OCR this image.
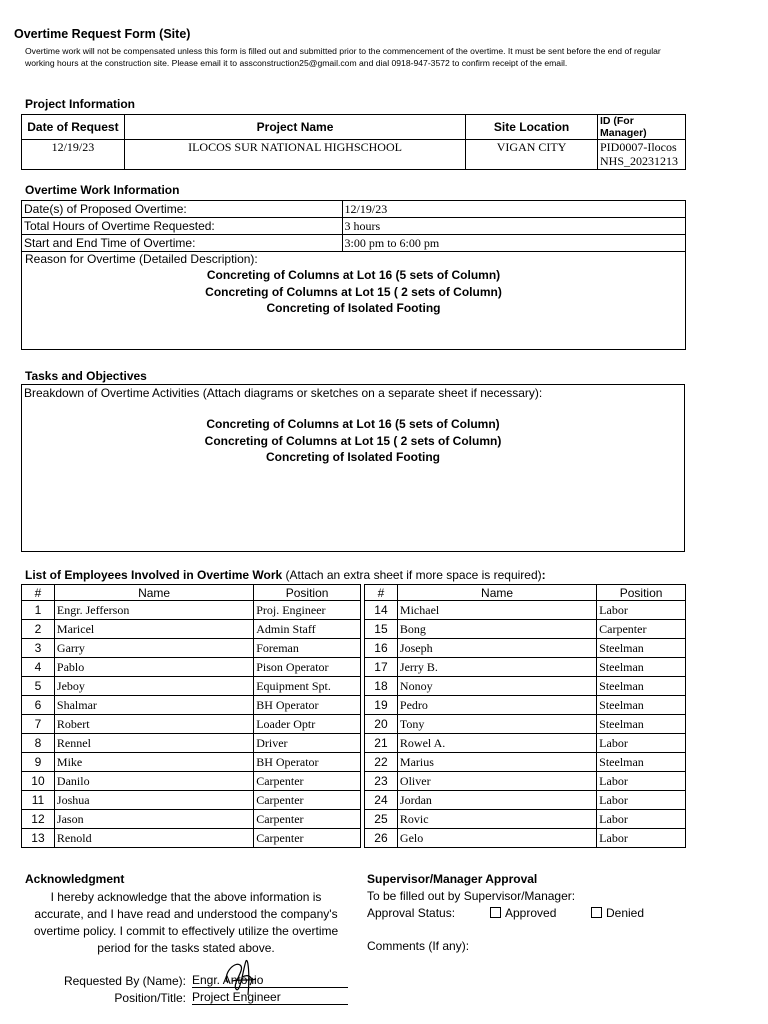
Overtime Request Form (Site)
Overtime work will not be compensated unless this form is filled out and submitted prior to the commencement of the overtime. It must be sent before the end of regular working hours at the construction site. Please email it to assconstruction25@gmail.com and dial 0918-947-3572 to confirm receipt of the email.
Project Information
Date of Request	Project Name	Site Location	ID (For Manager)
12/19/23	ILOCOS SUR NATIONAL HIGHSCHOOL	VIGAN CITY	PID0007-Ilocos
NHS_20231213
Overtime Work Information
Date(s) of Proposed Overtime:	12/19/23
Total Hours of Overtime Requested:	3 hours
Start and End Time of Overtime:	3:00 pm to 6:00 pm
Reason for Overtime (Detailed Description):
Concreting of Columns at Lot 16 (5 sets of Column)
Concreting of Columns at Lot 15 ( 2 sets of Column)
Concreting of Isolated Footing
Tasks and Objectives
Breakdown of Overtime Activities (Attach diagrams or sketches on a separate sheet if necessary):
Concreting of Columns at Lot 16 (5 sets of Column)
Concreting of Columns at Lot 15 ( 2 sets of Column)
Concreting of Isolated Footing
List of Employees Involved in Overtime Work (Attach an extra sheet if more space is required):
#	Name	Position
1	Engr. Jefferson	Proj. Engineer
2	Maricel	Admin Staff
3	Garry	Foreman
4	Pablo	Pison Operator
5	Jeboy	Equipment Spt.
6	Shalmar	BH Operator
7	Robert	Loader Optr
8	Rennel	Driver
9	Mike	BH Operator
10	Danilo	Carpenter
11	Joshua	Carpenter
12	Jason	Carpenter
13	Renold	Carpenter
#	Name	Position
14	Michael	Labor
15	Bong	Carpenter
16	Joseph	Steelman
17	Jerry B.	Steelman
18	Nonoy	Steelman
19	Pedro	Steelman
20	Tony	Steelman
21	Rowel A.	Labor
22	Marius	Steelman
23	Oliver	Labor
24	Jordan	Labor
25	Rovic	Labor
26	Gelo	Labor
Acknowledgment
I hereby acknowledge that the above information is accurate, and I have read and understood the company's overtime policy. I commit to effectively utilize the overtime period for the tasks stated above.
Requested By (Name): Engr. Antonio
Position/Title: Project Engineer
Supervisor/Manager Approval
To be filled out by Supervisor/Manager:
Approval Status:	Approved	Denied
Comments (If any):
